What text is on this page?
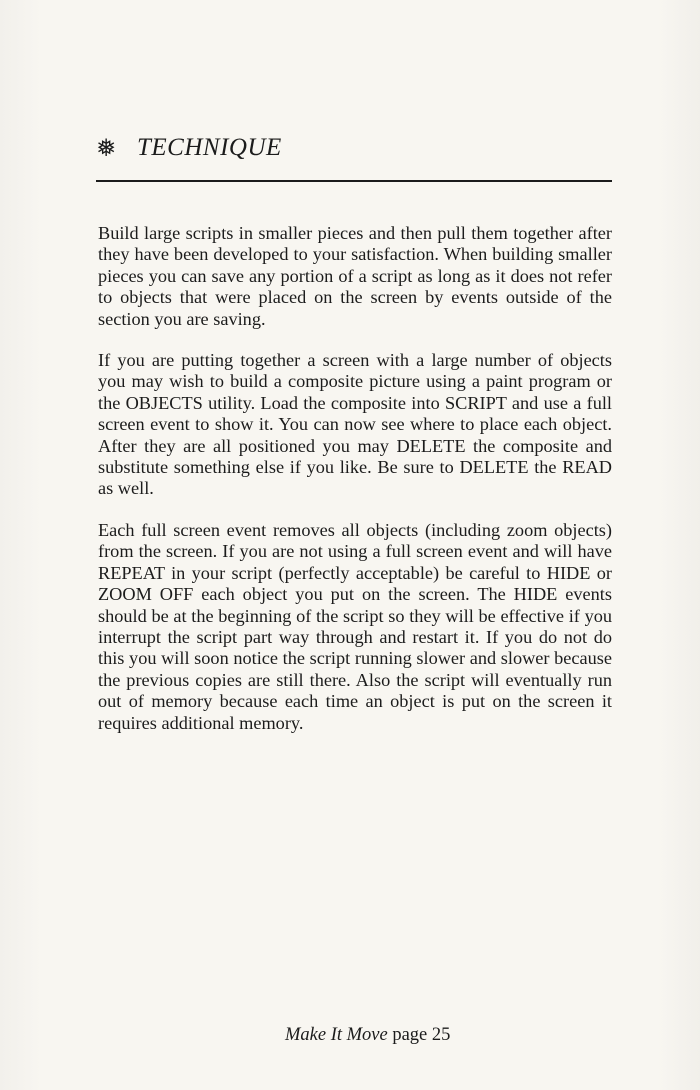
❅ TECHNIQUE

Build large scripts in smaller pieces and then pull them together after they have been developed to your satisfaction. When building smaller pieces you can save any portion of a script as long as it does not refer to objects that were placed on the screen by events outside of the section you are saving.

If you are putting together a screen with a large number of objects you may wish to build a composite picture using a paint program or the OBJECTS utility. Load the composite into SCRIPT and use a full screen event to show it. You can now see where to place each object. After they are all positioned you may DELETE the composite and substitute something else if you like. Be sure to DELETE the READ as well.

Each full screen event removes all objects (including zoom objects) from the screen. If you are not using a full screen event and will have REPEAT in your script (perfectly acceptable) be careful to HIDE or ZOOM OFF each object you put on the screen. The HIDE events should be at the beginning of the script so they will be effective if you interrupt the script part way through and restart it. If you do not do this you will soon notice the script running slower and slower because the previous copies are still there. Also the script will eventually run out of memory because each time an object is put on the screen it requires additional memory.

Make It Move page 25
